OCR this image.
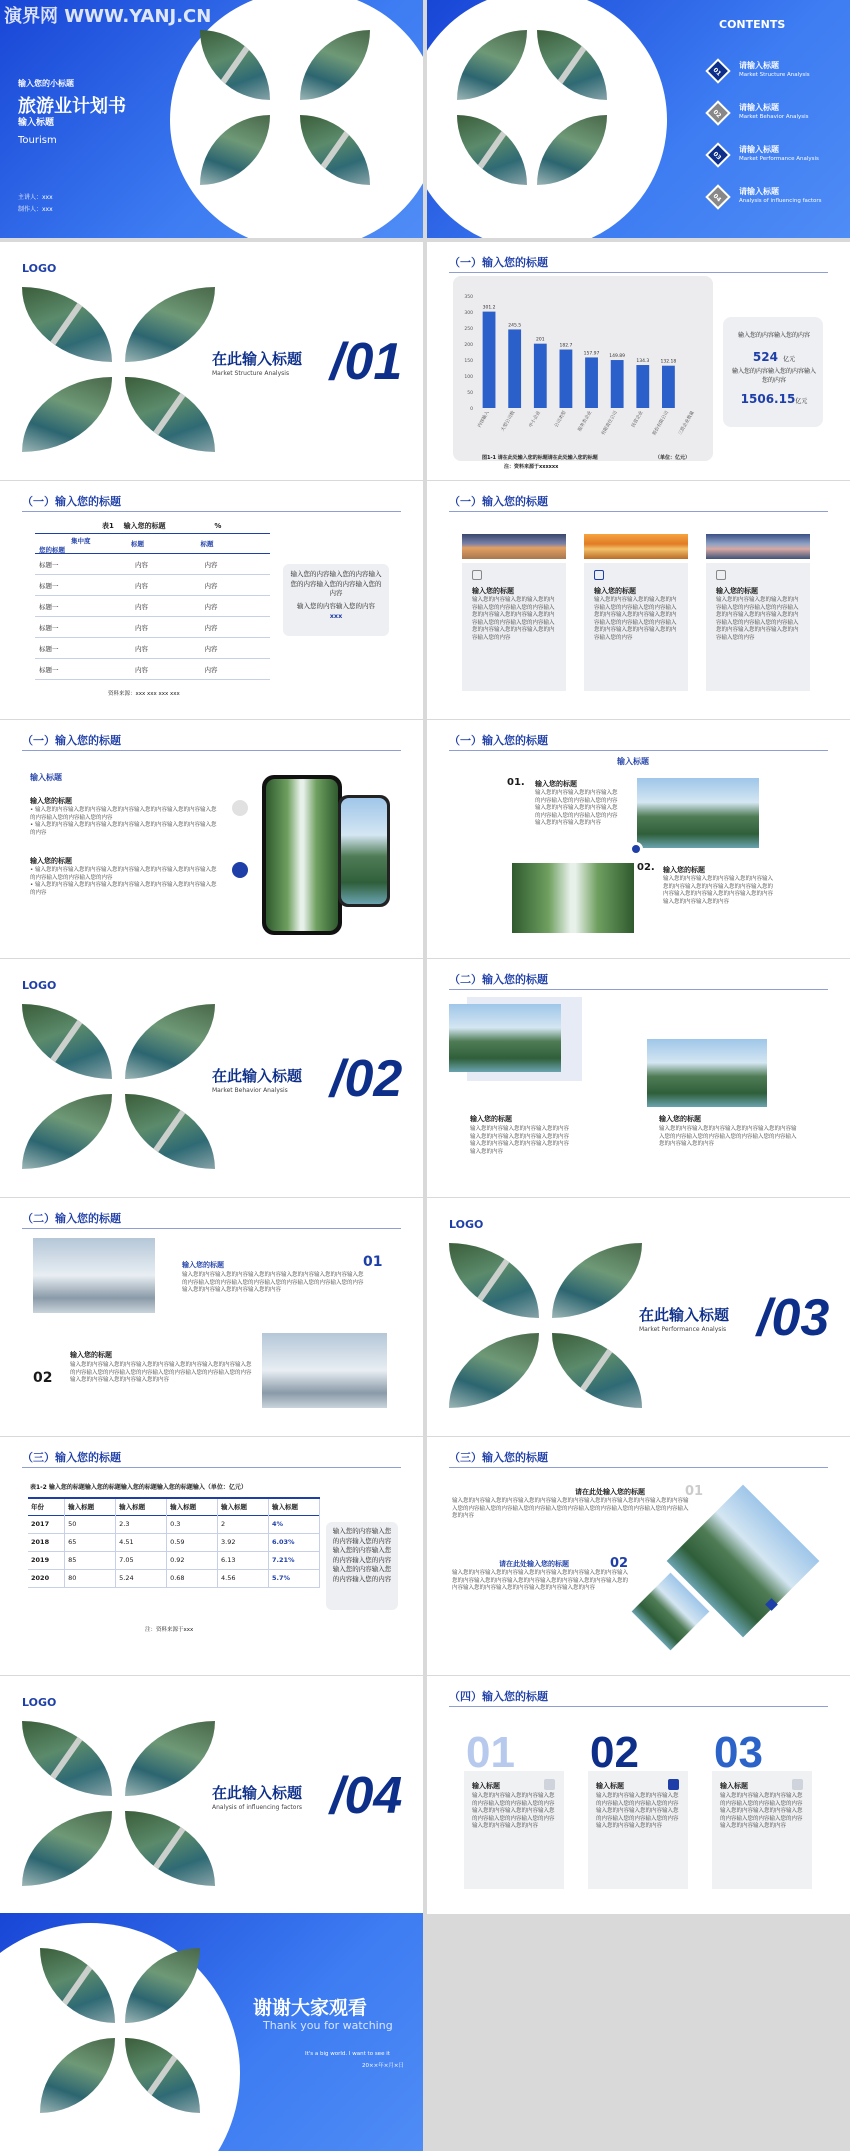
演界网 WWW.YANJ.CN
输入您的小标题
旅游业计划书
输入标题
Tourism
主讲人：xxx
制作人：xxx
CONTENTS
01
请输入标题
Market Structure Analysis
02
请输入标题
Market Behavior Analysis
03
请输入标题
Market Performance Analysis
04
请输入标题
Analysis of influencing factors
LOGO
在此输入标题
Market Structure Analysis /01
（一）输入您的标题
350
300
250
200
150
100
50
0
301.2
245.5
201
182.7
157.97
149.89
134.3	132.18
内容输入	大型公司数	中小企业	公司类型	服务类企业	有限责任公司	民营企业	股份有限公司	三资企业数量
图1-1 请在此处输入您的标题请在此处输入您的标题	（单位：亿元）
注：资料来源于xxxxxx
输入您的内容输入您的内容
524 亿元
输入您的内容输入您的内容输入您的内容
1506.15亿元
（一）输入您的标题
表1    输入您的标题                    %
集中度
您的标题	标题	标题
标题一	内容	内容
标题一	内容	内容
标题一	内容	内容
标题一	内容	内容
标题一	内容	内容
标题一	内容	内容
资料来源：xxx xxx xxx xxx
输入您的内容输入您的内容输入您的内容输入您的内容输入您的内容
输入您的内容输入您的内容
xxx
（一）输入您的标题
输入您的标题
输入您的内容输入您的输入您的内容输入您的内容输入您的内容输入您的内容输入您的内容输入您的内容输入您的内容输入您的内容输入您的内容输入您的内容输入您的内容输入您的内容
输入您的标题
输入您的内容输入您的输入您的内容输入您的内容输入您的内容输入您的内容输入您的内容输入您的内容输入您的内容输入您的内容输入您的内容输入您的内容输入您的内容输入您的内容
输入您的标题
输入您的内容输入您的输入您的内容输入您的内容输入您的内容输入您的内容输入您的内容输入您的内容输入您的内容输入您的内容输入您的内容输入您的内容输入您的内容输入您的内容
（一）输入您的标题
输入标题
输入您的标题
• 输入您的内容输入您的内容输入您的内容输入您的内容输入您的内容输入您的内容输入您的内容输入您的内容
• 输入您的内容输入您的内容输入您的内容输入您的内容输入您的内容输入您的内容
输入您的标题
• 输入您的内容输入您的内容输入您的内容输入您的内容输入您的内容输入您的内容输入您的内容输入您的内容
• 输入您的内容输入您的内容输入您的内容输入您的内容输入您的内容输入您的内容
（一）输入您的标题
输入标题
01. 输入您的标题
输入您的内容输入您的内容输入您的内容输入您的内容输入您的内容输入您的内容输入您的内容输入您的内容输入您的内容输入您的内容输入您的内容输入您的内容
02. 输入您的标题
输入您的内容输入您的内容输入您的内容输入您的内容输入您的内容输入您的内容输入您的内容输入您的内容输入您的内容输入您的内容输入您的内容输入您的内容
LOGO
在此输入标题
Market Behavior Analysis /02
（二）输入您的标题
输入您的标题
输入您的内容输入您的内容输入您的内容输入您的内容输入您的内容输入您的内容输入您的内容输入您的内容输入您的内容输入您的内容
输入您的标题
输入您的内容输入您的内容输入您的内容输入您的内容输入您的内容输入您的内容输入您的内容输入您的内容输入您的内容输入您的内容
（二）输入您的标题
输入您的标题	01
输入您的内容输入您的内容输入您的内容输入您的内容输入您的内容输入您的内容输入您的内容输入您的内容输入您的内容输入您的内容输入您的内容输入您的内容输入您的内容输入您的内容
输入您的标题
02
输入您的内容输入您的内容输入您的内容输入您的内容输入您的内容输入您的内容输入您的内容输入您的内容输入您的内容输入您的内容输入您的内容输入您的内容输入您的内容输入您的内容
LOGO
在此输入标题
Market Performance Analysis /03
（三）输入您的标题
表1-2 输入您的标题输入您的标题输入您的标题输入您的标题输入（单位：亿元）
年份	输入标题	输入标题	输入标题	输入标题	输入标题
2017	50	2.3	0.3	2	4%
2018	65	4.51	0.59	3.92	6.03%
2019	85	7.05	0.92	6.13	7.21%
2020	80	5.24	0.68	4.56	5.7%
注：资料来源于xxx
输入您的内容输入您的内容输入您的内容输入您的内容输入您的内容输入您的内容输入您的内容输入您的内容输入您的内容
（三）输入您的标题
请在此处输入您的标题	01
输入您的内容输入您的内容输入您的内容输入您的内容输入您的内容输入您的内容输入您的内容输入您的内容输入您的内容输入您的内容输入您的内容输入您的内容输入您的内容输入您的内容输入您的内容
请在此处输入您的标题	02
输入您的内容输入您的内容输入您的内容输入您的内容输入您的内容输入您的内容输入您的内容输入您的内容输入您的内容输入您的内容输入您的内容输入您的内容输入您的内容输入您的内容输入您的内容
LOGO
在此输入标题
Analysis of influencing factors /04
（四）输入您的标题
输入标题
输入您的内容输入您的内容输入您的内容输入您的内容输入您的内容输入您的内容输入您的内容输入您的内容输入您的内容输入您的内容输入您的内容输入您的内容
01
输入标题
输入您的内容输入您的内容输入您的内容输入您的内容输入您的内容输入您的内容输入您的内容输入您的内容输入您的内容输入您的内容输入您的内容输入您的内容
02
输入标题
输入您的内容输入您的内容输入您的内容输入您的内容输入您的内容输入您的内容输入您的内容输入您的内容输入您的内容输入您的内容输入您的内容输入您的内容
03
谢谢大家观看
Thank you for watching
It's a big world. I want to see it
20××年×月×日
